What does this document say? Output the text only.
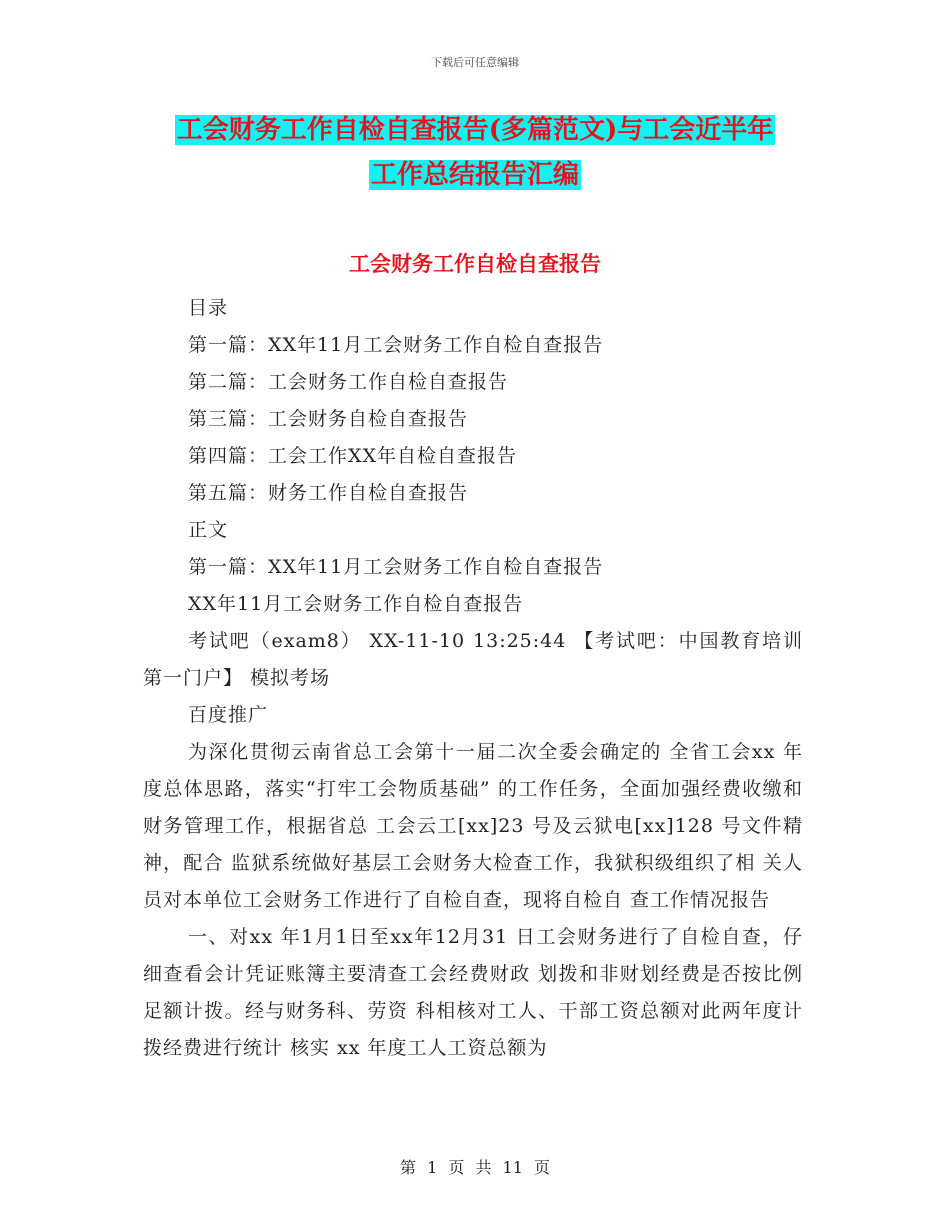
下载后可任意编辑
工会财务工作自检自查报告(多篇范文)与工会近半年
工作总结报告汇编
工会财务工作自检自查报告

目录

第一篇：XX年11月工会财务工作自检自查报告

第二篇：工会财务工作自检自查报告

第三篇：工会财务自检自查报告

第四篇：工会工作XX年自检自查报告

第五篇：财务工作自检自查报告

正文

第一篇：XX年11月工会财务工作自检自查报告

XX年11月工会财务工作自检自查报告

考试吧（exam8） XX-11-10 13:25:44 【考试吧：中国教育培训第一门户】 模拟考场

百度推广

为深化贯彻云南省总工会第十一届二次全委会确定的 全省工会xx 年度总体思路，落实“打牢工会物质基础” 的工作任务，全面加强经费收缴和财务管理工作，根据省总 工会云工[xx]23 号及云狱电[xx]128 号文件精神，配合 监狱系统做好基层工会财务大检查工作，我狱积级组织了相 关人员对本单位工会财务工作进行了自检自查，现将自检自 查工作情况报告

一、对xx 年1月1日至xx年12月31 日工会财务进行了自检自查，仔细查看会计凭证账簿主要清查工会经费财政 划拨和非财划经费是否按比例足额计拨。经与财务科、劳资 科相核对工人、干部工资总额对此两年度计拨经费进行统计 核实 xx 年度工人工资总额为

第 1 页 共 11 页
